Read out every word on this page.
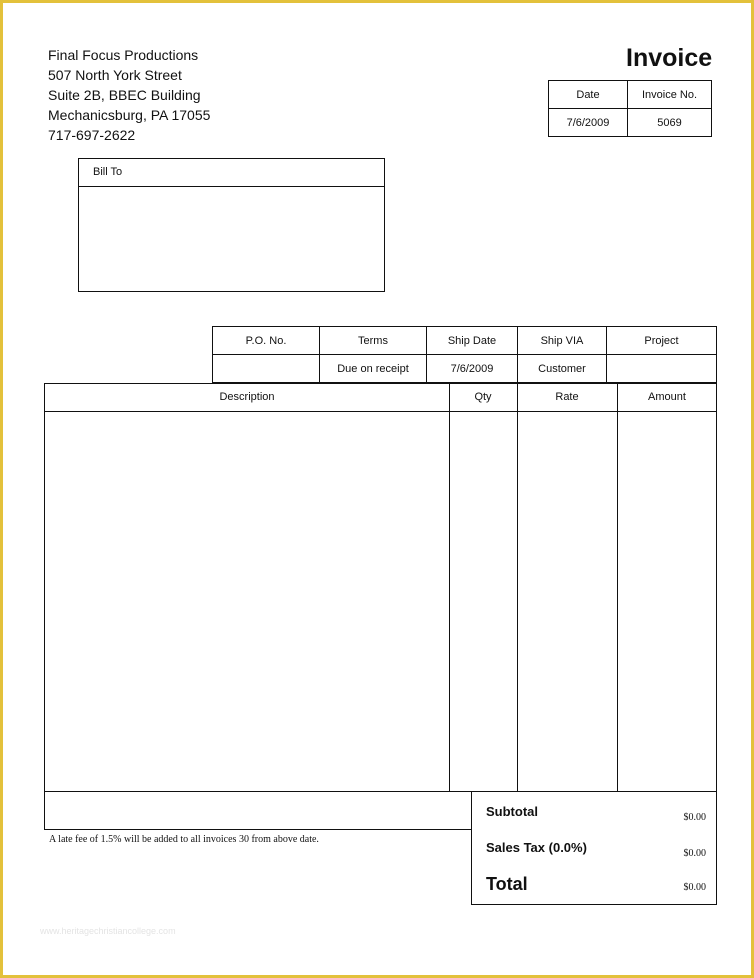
Final Focus Productions
507 North York Street
Suite 2B, BBEC Building
Mechanicsburg, PA 17055
717-697-2622
Invoice
Date	Invoice No.
7/6/2009	5069
Bill To
P.O. No.	Terms	Ship Date	Ship VIA	Project
	Due on receipt	7/6/2009	Customer	
Description	Qty	Rate	Amount
A late fee of 1.5% will be added to all invoices 30 from above date.
Subtotal	$0.00
Sales Tax (0.0%)	$0.00
Total	$0.00
www.heritagechristiancollege.com
